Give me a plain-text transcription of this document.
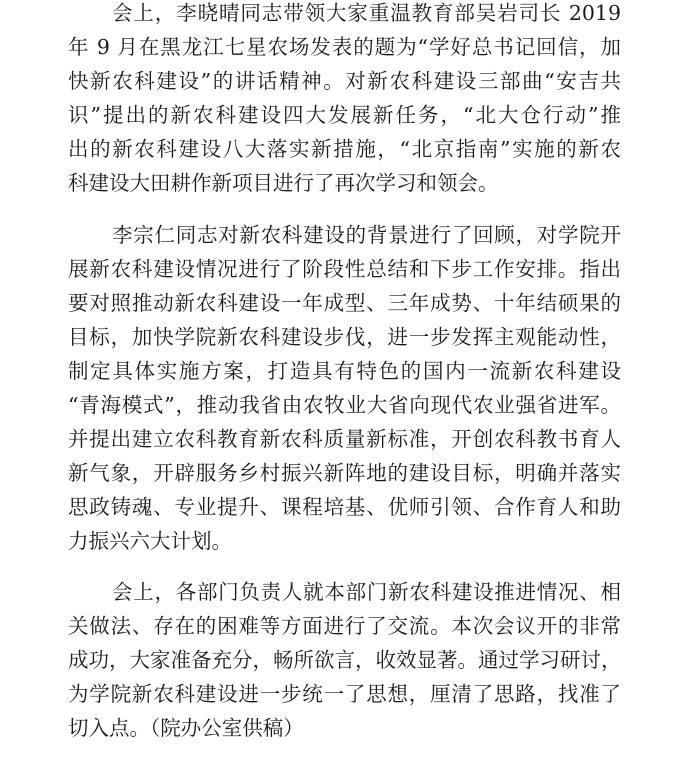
会上，李晓晴同志带领大家重温教育部吴岩司长 2019

年 9 月在黑龙江七星农场发表的题为“学好总书记回信，加

快新农科建设”的讲话精神。对新农科建设三部曲“安吉共

识”提出的新农科建设四大发展新任务，“北大仓行动”推

出的新农科建设八大落实新措施，“北京指南”实施的新农

科建设大田耕作新项目进行了再次学习和领会。

李宗仁同志对新农科建设的背景进行了回顾，对学院开

展新农科建设情况进行了阶段性总结和下步工作安排。指出

要对照推动新农科建设一年成型、三年成势、十年结硕果的

目标，加快学院新农科建设步伐，进一步发挥主观能动性，

制定具体实施方案，打造具有特色的国内一流新农科建设

“青海模式”，推动我省由农牧业大省向现代农业强省进军。

并提出建立农科教育新农科质量新标准，开创农科教书育人

新气象，开辟服务乡村振兴新阵地的建设目标，明确并落实

思政铸魂、专业提升、课程培基、优师引领、合作育人和助

力振兴六大计划。

会上，各部门负责人就本部门新农科建设推进情况、相

关做法、存在的困难等方面进行了交流。本次会议开的非常

成功，大家准备充分，畅所欲言，收效显著。通过学习研讨，

为学院新农科建设进一步统一了思想，厘清了思路，找准了

切入点。（院办公室供稿）
